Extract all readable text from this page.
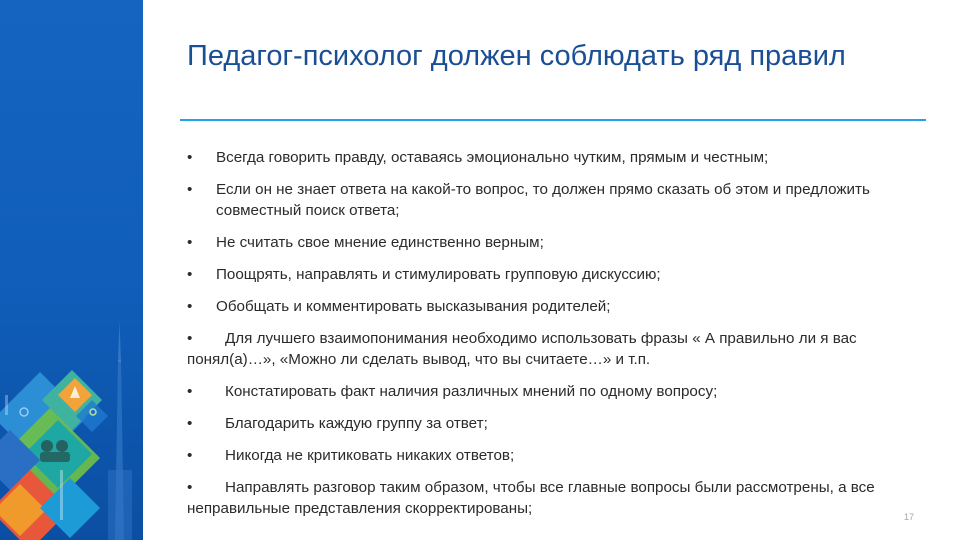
Педагог-психолог должен соблюдать ряд правил
• Всегда говорить правду, оставаясь эмоционально чутким, прямым и честным;
• Если он не знает ответа на какой-то вопрос, то должен прямо сказать об этом и предложить совместный поиск ответа;
• Не считать свое мнение единственно верным;
• Поощрять, направлять и стимулировать групповую дискуссию;
• Обобщать и комментировать высказывания родителей;
• Для лучшего взаимопонимания необходимо использовать фразы « А правильно ли я вас понял(а)…», «Можно ли сделать вывод, что вы считаете…» и т.п.
• Констатировать факт наличия различных мнений по одному вопросу;
• Благодарить каждую группу за ответ;
• Никогда не критиковать никаких ответов;
• Направлять разговор таким образом, чтобы все главные вопросы были рассмотрены, а все неправильные представления скорректированы;	17
